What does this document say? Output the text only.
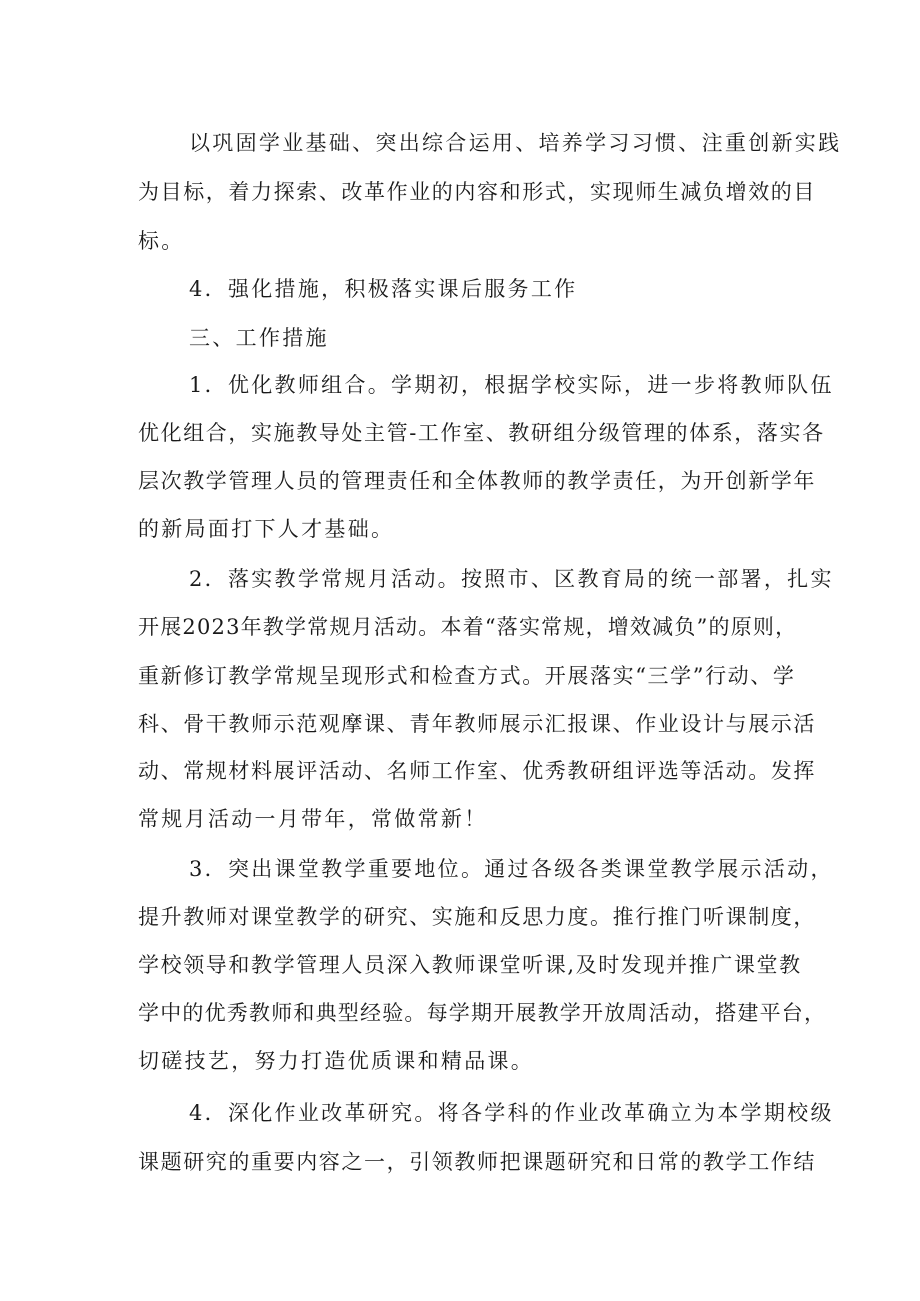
以巩固学业基础、突出综合运用、培养学习习惯、注重创新实践
为目标，着力探索、改革作业的内容和形式，实现师生减负增效的目
标。
4．强化措施，积极落实课后服务工作
三、工作措施
1．优化教师组合。学期初，根据学校实际，进一步将教师队伍
优化组合，实施教导处主管-工作室、教研组分级管理的体系，落实各
层次教学管理人员的管理责任和全体教师的教学责任，为开创新学年
的新局面打下人才基础。
2．落实教学常规月活动。按照市、区教育局的统一部署，扎实
开展2023年教学常规月活动。本着“落实常规，增效减负”的原则，
重新修订教学常规呈现形式和检查方式。开展落实“三学”行动、学
科、骨干教师示范观摩课、青年教师展示汇报课、作业设计与展示活
动、常规材料展评活动、名师工作室、优秀教研组评选等活动。发挥
常规月活动一月带年，常做常新！
3．突出课堂教学重要地位。通过各级各类课堂教学展示活动，
提升教师对课堂教学的研究、实施和反思力度。推行推门听课制度，
学校领导和教学管理人员深入教师课堂听课,及时发现并推广课堂教
学中的优秀教师和典型经验。每学期开展教学开放周活动，搭建平台，
切磋技艺，努力打造优质课和精品课。
4．深化作业改革研究。将各学科的作业改革确立为本学期校级
课题研究的重要内容之一，引领教师把课题研究和日常的教学工作结
